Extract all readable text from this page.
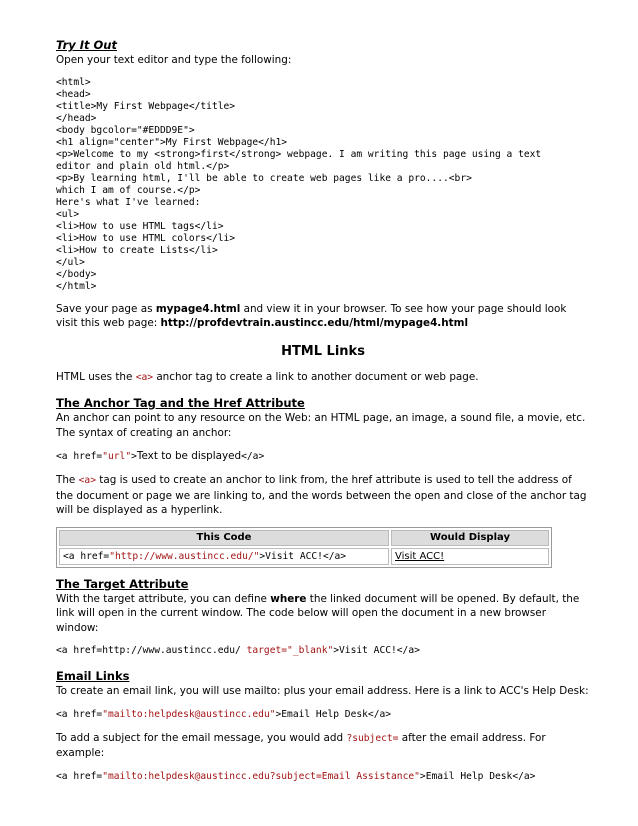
Try It Out

Open your text editor and type the following:

<html>
<head>
<title>My First Webpage</title>
</head>
<body bgcolor="#EDDD9E">
<h1 align="center">My First Webpage</h1>
<p>Welcome to my <strong>first</strong> webpage. I am writing this page using a text
editor and plain old html.</p>
<p>By learning html, I'll be able to create web pages like a pro....<br>
which I am of course.</p>
Here's what I've learned:
<ul>
<li>How to use HTML tags</li>
<li>How to use HTML colors</li>
<li>How to create Lists</li>
</ul>
</body>
</html>

Save your page as mypage4.html and view it in your browser. To see how your page should look visit this web page: http://profdevtrain.austincc.edu/html/mypage4.html

HTML Links

HTML uses the <a> anchor tag to create a link to another document or web page.

The Anchor Tag and the Href Attribute

An anchor can point to any resource on the Web: an HTML page, an image, a sound file, a movie, etc. The syntax of creating an anchor:

<a href="url">Text to be displayed</a>

The <a> tag is used to create an anchor to link from, the href attribute is used to tell the address of the document or page we are linking to, and the words between the open and close of the anchor tag will be displayed as a hyperlink.

This Code	Would Display
<a href="http://www.austincc.edu/">Visit ACC!</a>	Visit ACC!

The Target Attribute

With the target attribute, you can define where the linked document will be opened. By default, the link will open in the current window. The code below will open the document in a new browser window:

<a href=http://www.austincc.edu/ target="_blank">Visit ACC!</a>

Email Links

To create an email link, you will use mailto: plus your email address. Here is a link to ACC's Help Desk:

<a href="mailto:helpdesk@austincc.edu">Email Help Desk</a>

To add a subject for the email message, you would add ?subject= after the email address. For example:

<a href="mailto:helpdesk@austincc.edu?subject=Email Assistance">Email Help Desk</a>
